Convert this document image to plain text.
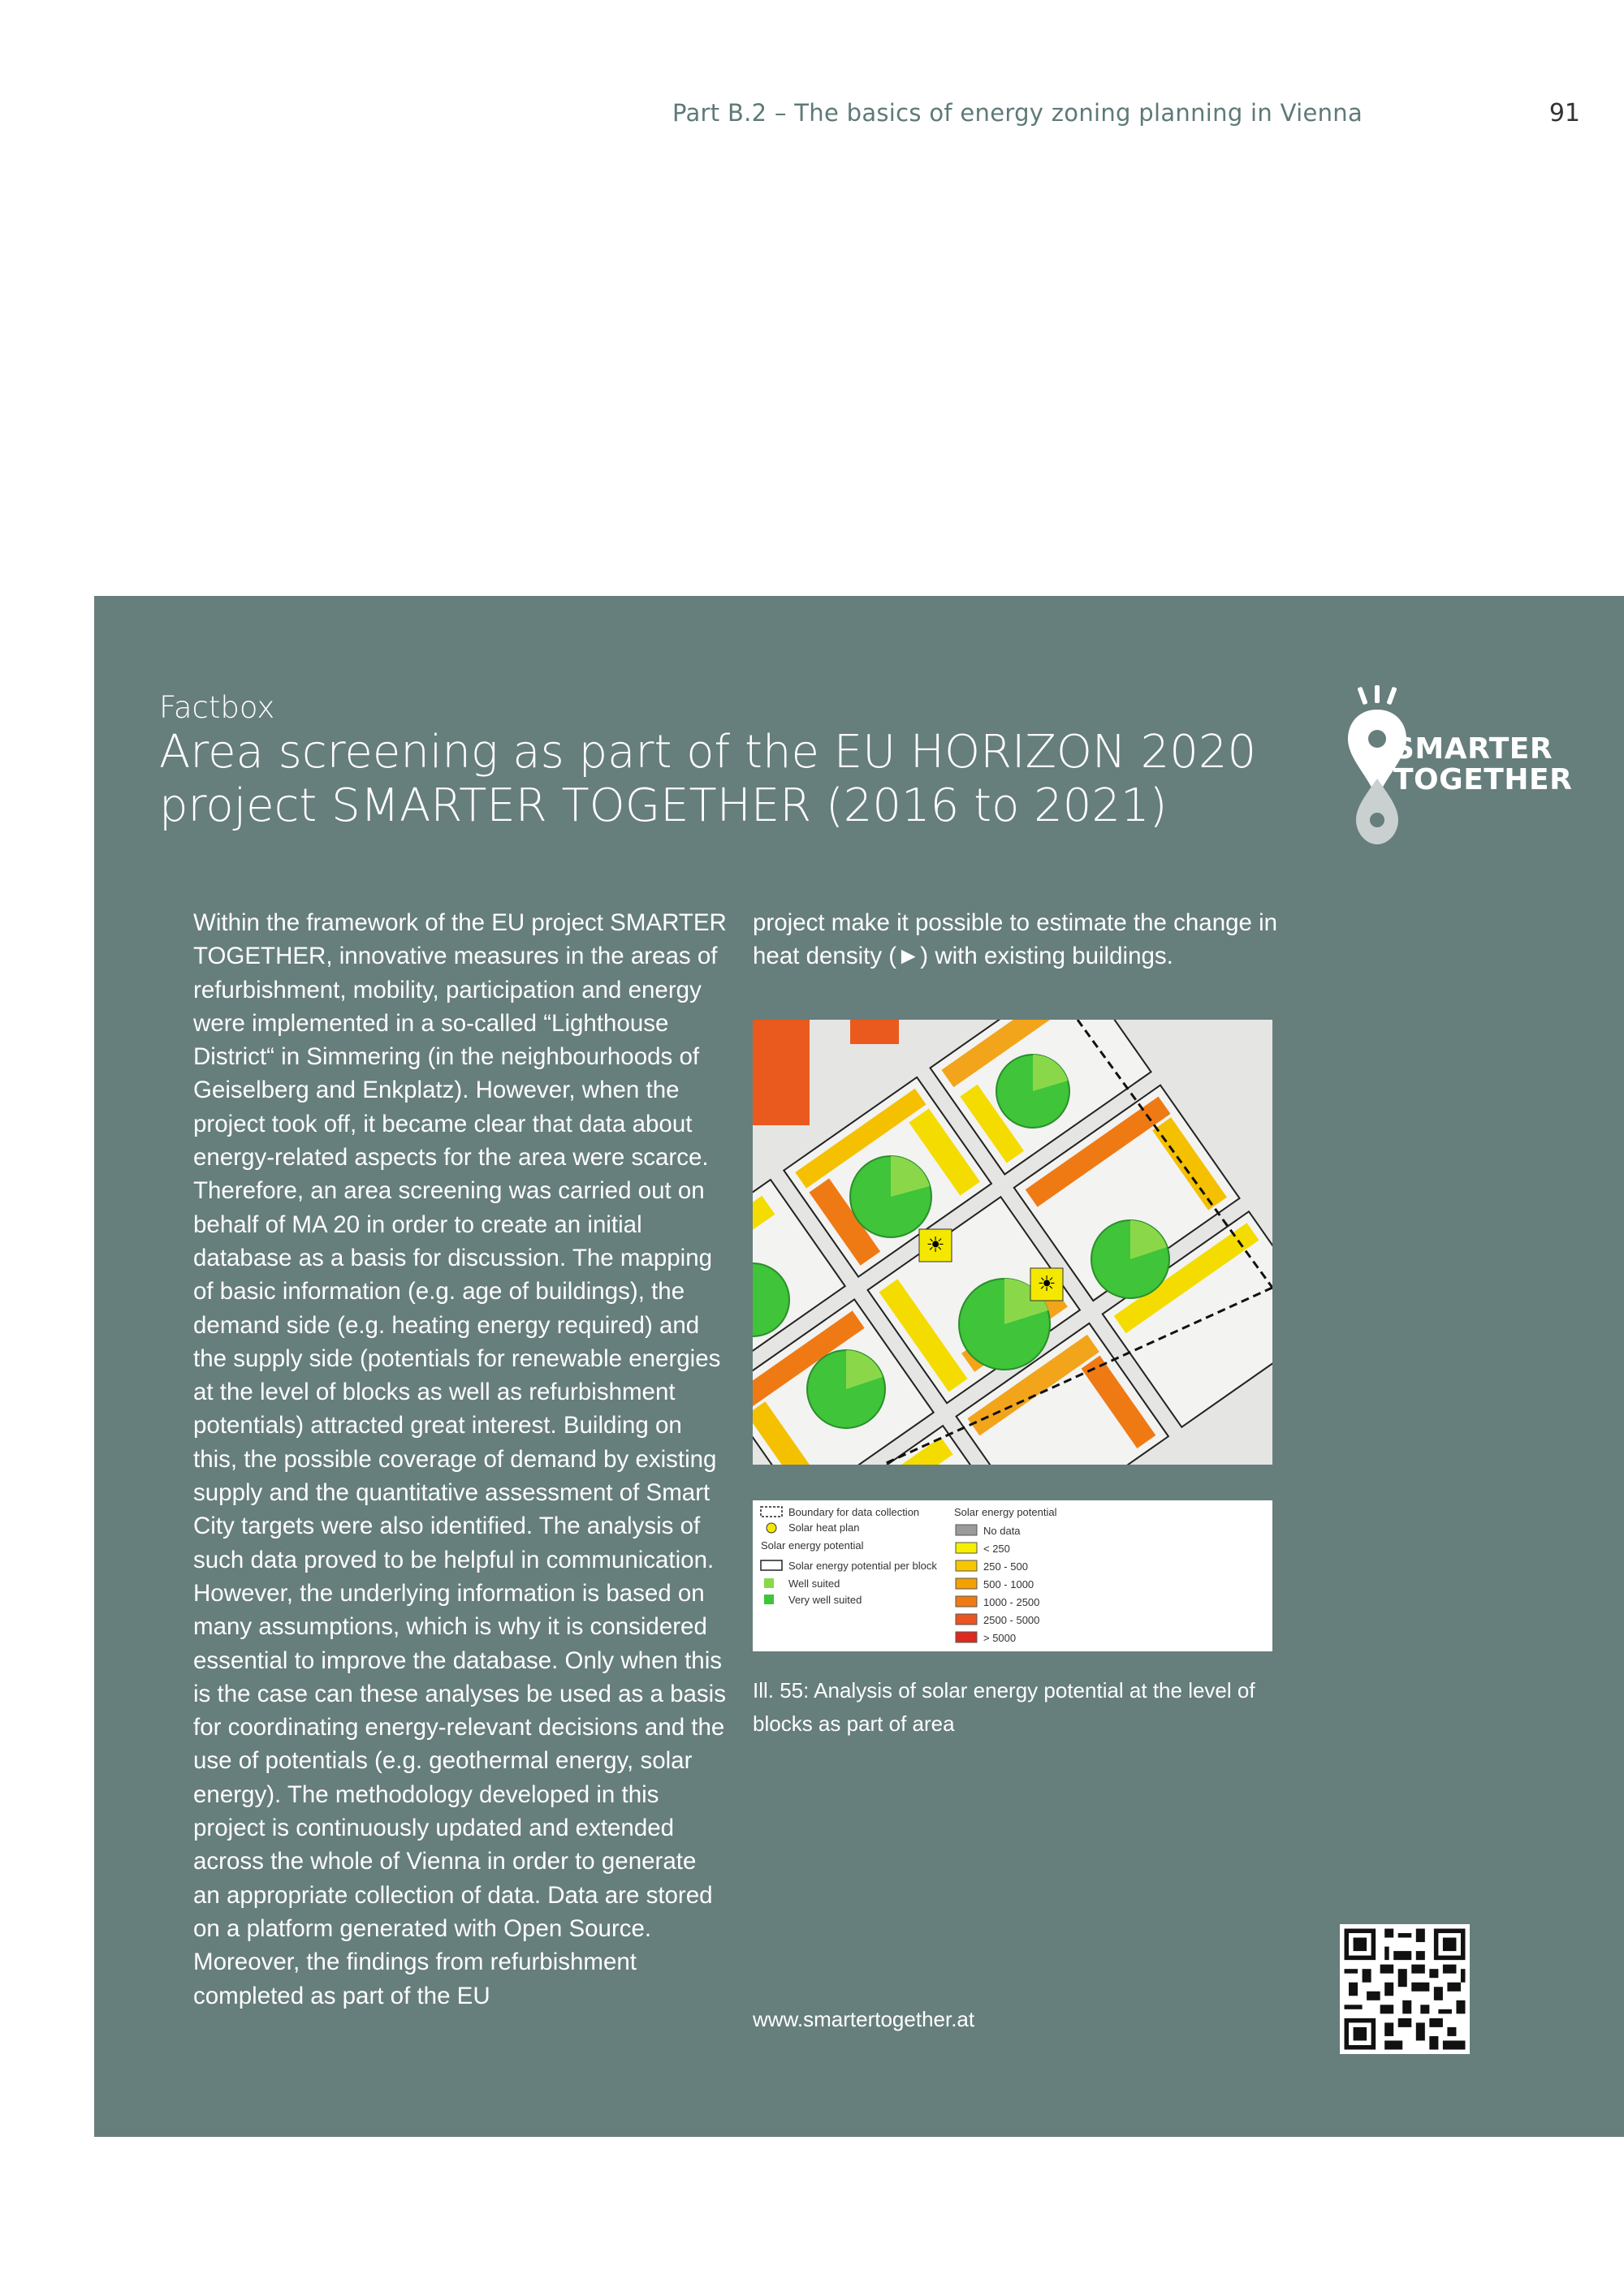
Part B.2 – The basics of energy zoning planning in Vienna	91
Factbox
Area screening as part of the EU HORIZON 2020 project SMARTER TOGETHER (2016 to 2021)
SMARTER
TOGETHER
Within the framework of the EU project SMARTER TOGETHER, innovative measures in the areas of refurbishment, mobility, participation and energy were implemented in a so-called “Lighthouse District“ in Simmering (in the neighbourhoods of Geiselberg and Enkplatz). However, when the project took off, it became clear that data about energy-related aspects for the area were scarce. Therefore, an area screening was carried out on behalf of MA 20 in order to create an initial database as a basis for discussion. The mapping of basic information (e.g. age of buildings), the demand side (e.g. heating energy required) and the supply side (potentials for renewable energies at the level of blocks as well as refurbishment potentials) attracted great interest. Building on this, the possible coverage of demand by existing supply and the quantitative assessment of Smart City targets were also identified. The analysis of such data proved to be helpful in communication. However, the underlying information is based on many assumptions, which is why it is considered essential to improve the database. Only when this is the case can these analyses be used as a basis for coordinating energy-relevant decisions and the use of potentials (e.g. geothermal energy, solar energy). The methodology developed in this project is continuously updated and extended across the whole of Vienna in order to generate an appropriate collection of data. Data are stored on a platform generated with Open Source. Moreover, the findings from refurbishment completed as part of the EU
project make it possible to estimate the change in heat density (►) with existing buildings.
☀
☀
Boundary for data collection
Solar heat plan
Solar energy potential
Solar energy potential per block
Well suited
Very well suited
Solar energy potential
No data
< 250
250 - 500
500 - 1000
1000 - 2500
2500 - 5000
> 5000
Ill. 55: Analysis of solar energy potential at the level of blocks as part of area
www.smartertogether.at
